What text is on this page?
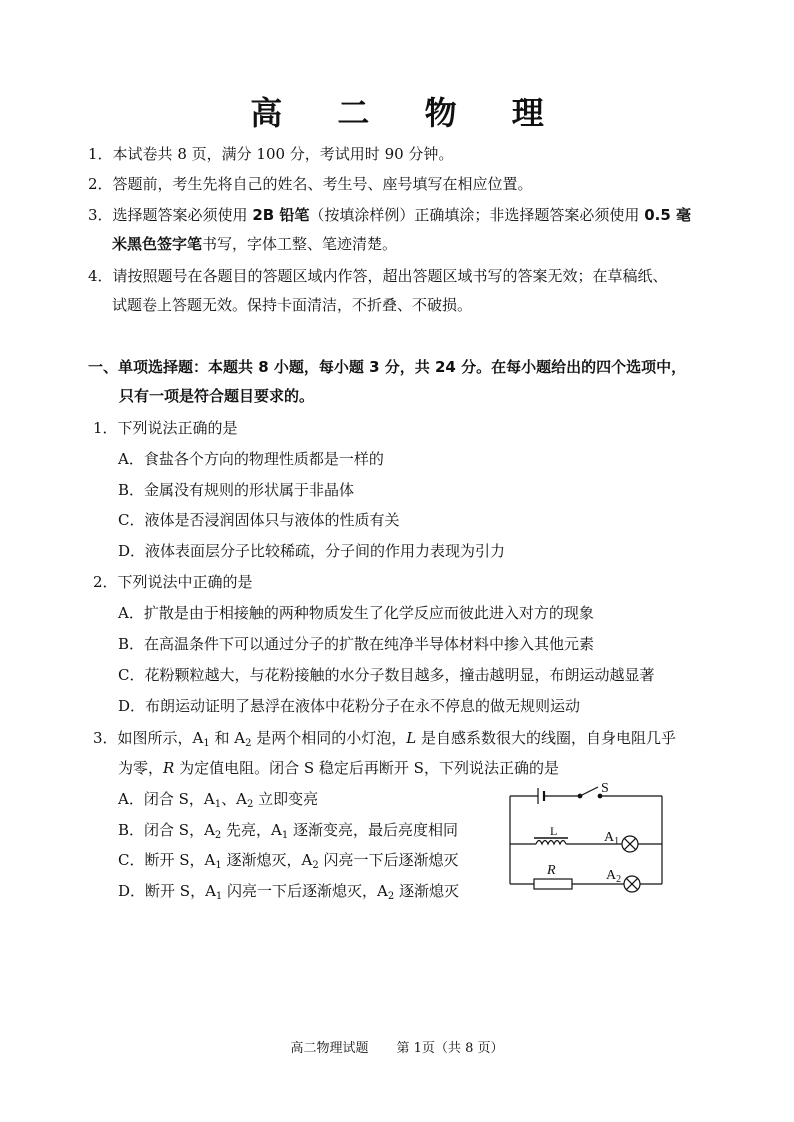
高 二 物 理
1．本试卷共 8 页，满分 100 分，考试用时 90 分钟。
2．答题前，考生先将自己的姓名、考生号、座号填写在相应位置。
3．选择题答案必须使用 2B 铅笔（按填涂样例）正确填涂；非选择题答案必须使用 0.5 毫
米黑色签字笔书写，字体工整、笔迹清楚。
4．请按照题号在各题目的答题区域内作答，超出答题区域书写的答案无效；在草稿纸、
试题卷上答题无效。保持卡面清洁，不折叠、不破损。
一、单项选择题：本题共 8 小题，每小题 3 分，共 24 分。在每小题给出的四个选项中，
只有一项是符合题目要求的。
1．下列说法正确的是
A．食盐各个方向的物理性质都是一样的
B．金属没有规则的形状属于非晶体
C．液体是否浸润固体只与液体的性质有关
D．液体表面层分子比较稀疏，分子间的作用力表现为引力
2．下列说法中正确的是
A．扩散是由于相接触的两种物质发生了化学反应而彼此进入对方的现象
B．在高温条件下可以通过分子的扩散在纯净半导体材料中掺入其他元素
C．花粉颗粒越大，与花粉接触的水分子数目越多，撞击越明显，布朗运动越显著
D．布朗运动证明了悬浮在液体中花粉分子在永不停息的做无规则运动
3．如图所示，$A_1$ 和 $A_2$ 是两个相同的小灯泡，L 是自感系数很大的线圈，自身电阻几乎
为零，R 为定值电阻。闭合 S 稳定后再断开 S，下列说法正确的是
A．闭合 S，$A_1$、$A_2$ 立即变亮
B．闭合 S，$A_2$ 先亮，$A_1$ 逐渐变亮，最后亮度相同
C．断开 S，$A_1$ 逐渐熄灭，$A_2$ 闪亮一下后逐渐熄灭
D．断开 S，$A_1$ 闪亮一下后逐渐熄灭，$A_2$ 逐渐熄灭
S
L
R
$A_1$
$A_2$
高二物理试题 第 1页（共 8 页）
